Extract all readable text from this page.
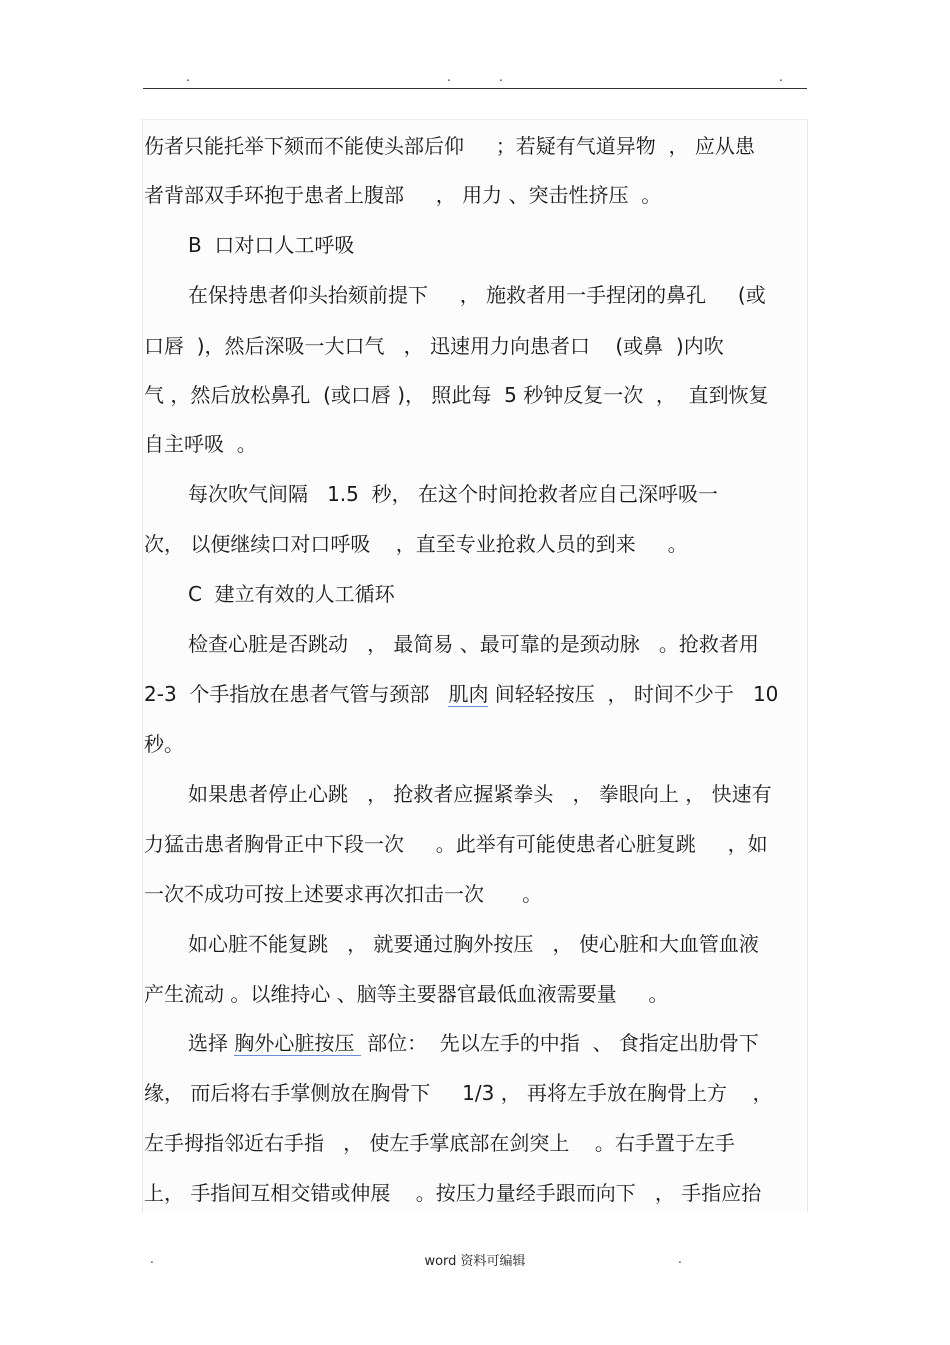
.	.	.	.
伤者只能托举下颏而不能使头部后仰     ；若疑有气道异物  ， 应从患
者背部双手环抱于患者上腹部     ， 用力 、突击性挤压  。
B  口对口人工呼吸
在保持患者仰头抬颏前提下     ， 施救者用一手捏闭的鼻孔     (或
口唇  )，然后深吸一大口气   ， 迅速用力向患者口    (或鼻  )内吹
气 ，然后放松鼻孔  (或口唇 )， 照此每  5 秒钟反复一次  ，  直到恢复
自主呼吸  。
每次吹气间隔   1.5  秒， 在这个时间抢救者应自己深呼吸一
次， 以便继续口对口呼吸    ，直至专业抢救人员的到来     。
C  建立有效的人工循环
检查心脏是否跳动   ， 最简易 、最可靠的是颈动脉   。抢救者用
2-3  个手指放在患者气管与颈部   肌肉 间轻轻按压  ， 时间不少于   10
秒。
如果患者停止心跳   ， 抢救者应握紧拳头   ， 拳眼向上 ， 快速有
力猛击患者胸骨正中下段一次     。此举有可能使患者心脏复跳     ，如
一次不成功可按上述要求再次扣击一次      。
如心脏不能复跳   ， 就要通过胸外按压   ， 使心脏和大血管血液
产生流动 。以维持心 、脑等主要器官最低血液需要量     。
选择 胸外心脏按压  部位：  先以左手的中指  、 食指定出肋骨下
缘， 而后将右手掌侧放在胸骨下     1/3 ， 再将左手放在胸骨上方    ，
左手拇指邻近右手指   ， 使左手掌底部在剑突上    。右手置于左手
上， 手指间互相交错或伸展    。按压力量经手跟而向下   ， 手指应抬
.	word 资料可编辑	.
